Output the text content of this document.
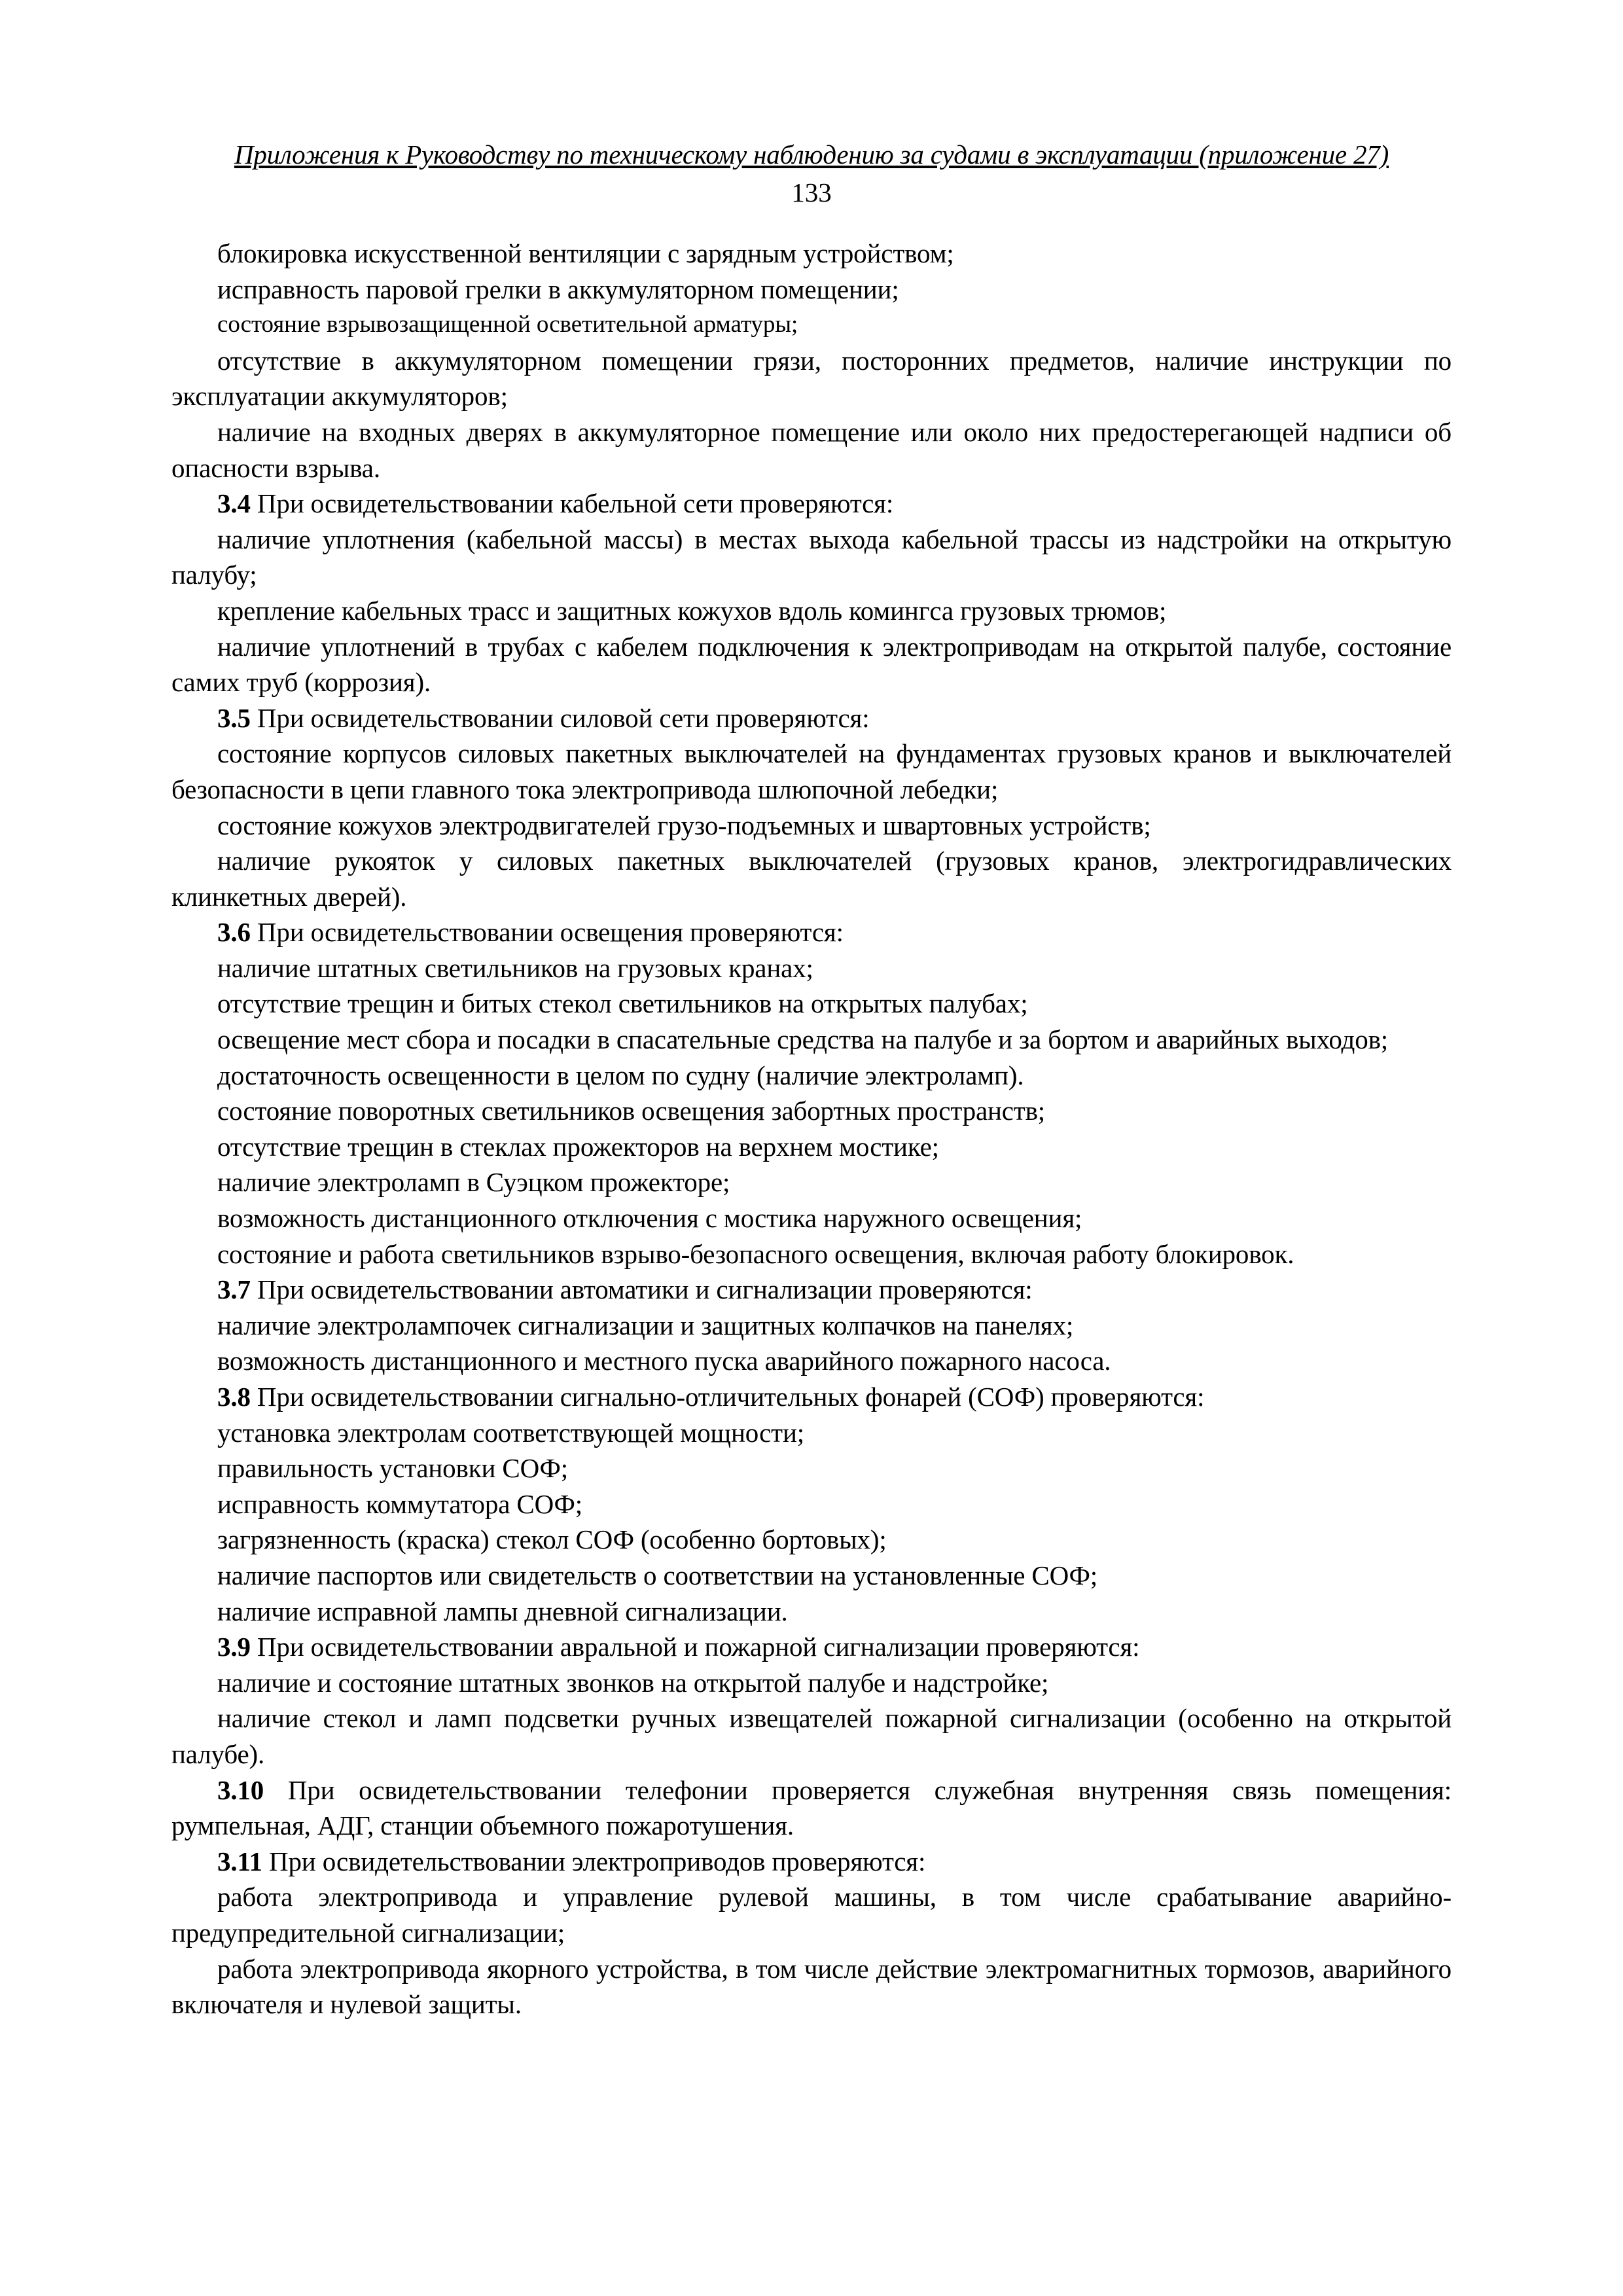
Приложения к Руководству по техническому наблюдению за судами в эксплуатации (приложение 27)
133

блокировка искусственной вентиляции с зарядным устройством;

исправность паровой грелки в аккумуляторном помещении;

состояние взрывозащищенной осветительной арматуры;

отсутствие в аккумуляторном помещении грязи, посторонних предметов, наличие инструкции по эксплуатации аккумуляторов;

наличие на входных дверях в аккумуляторное помещение или около них предостерегающей надписи об опасности взрыва.

3.4 При освидетельствовании кабельной сети проверяются:

наличие уплотнения (кабельной массы) в местах выхода кабельной трассы из надстройки на открытую палубу;

крепление кабельных трасс и защитных кожухов вдоль комингса грузовых трюмов;

наличие уплотнений в трубах с кабелем подключения к электроприводам на открытой палубе, состояние самих труб (коррозия).

3.5 При освидетельствовании силовой сети проверяются:

состояние корпусов силовых пакетных выключателей на фундаментах грузовых кранов и выключателей безопасности в цепи главного тока электропривода шлюпочной лебедки;

состояние кожухов электродвигателей грузо-подъемных и швартовных устройств;

наличие рукояток у силовых пакетных выключателей (грузовых кранов, электрогидравлических клинкетных дверей).

3.6 При освидетельствовании освещения проверяются:

наличие штатных светильников на грузовых кранах;

отсутствие трещин и битых стекол светильников на открытых палубах;

освещение мест сбора и посадки в спасательные средства на палубе и за бортом и аварийных выходов;

достаточность освещенности в целом по судну (наличие электроламп).

состояние поворотных светильников освещения забортных пространств;

отсутствие трещин в стеклах прожекторов на верхнем мостике;

наличие электроламп в Суэцком прожекторе;

возможность дистанционного отключения с мостика наружного освещения;

состояние и работа светильников взрыво-безопасного освещения, включая работу блокировок.

3.7 При освидетельствовании автоматики и сигнализации проверяются:

наличие электролампочек сигнализации и защитных колпачков на панелях;

возможность дистанционного и местного пуска аварийного пожарного насоса.

3.8 При освидетельствовании сигнально-отличительных фонарей (СОФ) проверяются:

установка электролам соответствующей мощности;

правильность установки СОФ;

исправность коммутатора СОФ;

загрязненность (краска) стекол СОФ (особенно бортовых);

наличие паспортов или свидетельств о соответствии на установленные СОФ;

наличие исправной лампы дневной сигнализации.

3.9 При освидетельствовании авральной и пожарной сигнализации проверяются:

наличие и состояние штатных звонков на открытой палубе и надстройке;

наличие стекол и ламп подсветки ручных извещателей пожарной сигнализации (особенно на открытой палубе).

3.10 При освидетельствовании телефонии проверяется служебная внутренняя связь помещения: румпельная, АДГ, станции объемного пожаротушения.

3.11 При освидетельствовании электроприводов проверяются:

работа электропривода и управление рулевой машины, в том числе срабатывание аварийно-предупредительной сигнализации;

работа электропривода якорного устройства, в том числе действие электромагнитных тормозов, аварийного включателя и нулевой защиты.
